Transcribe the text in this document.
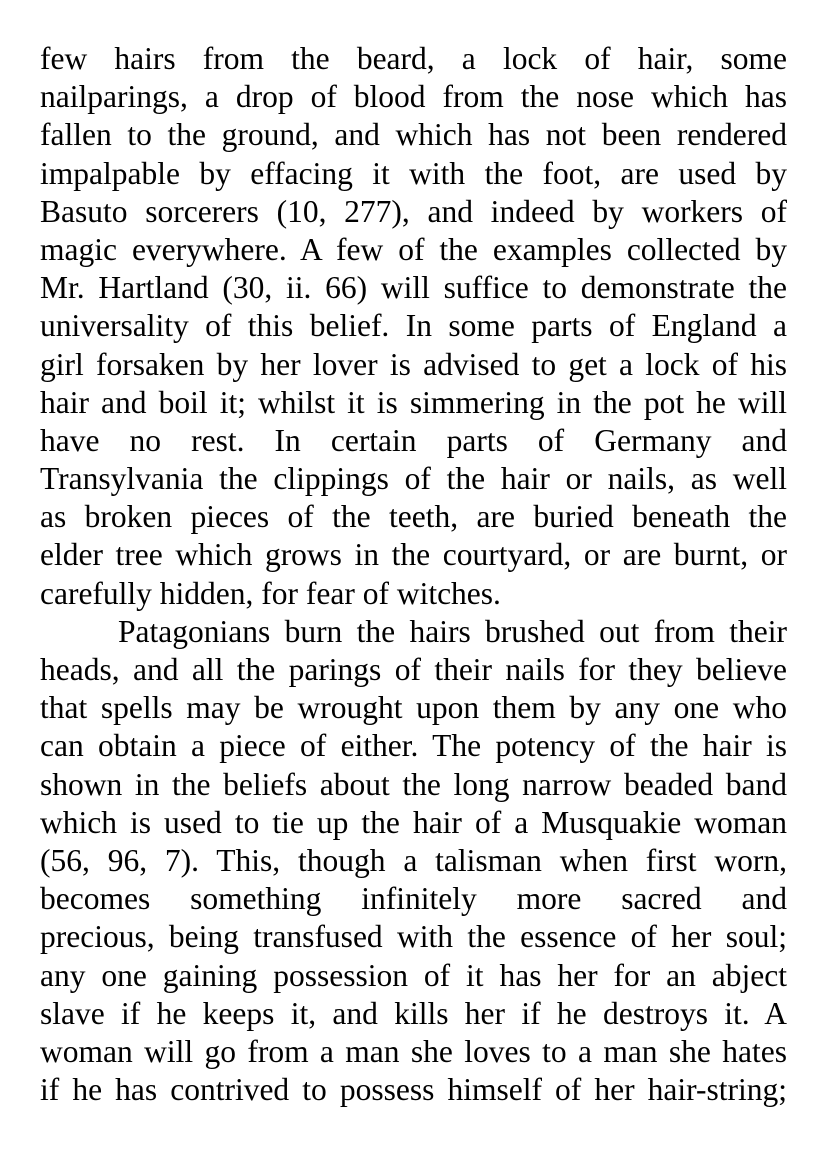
few hairs from the beard, a lock of hair, some
nailparings, a drop of blood from the nose which has
fallen to the ground, and which has not been rendered
impalpable by effacing it with the foot, are used by
Basuto sorcerers (10, 277), and indeed by workers of
magic everywhere. A few of the examples collected by
Mr. Hartland (30, ii. 66) will suffice to demonstrate the
universality of this belief. In some parts of England a
girl forsaken by her lover is advised to get a lock of his
hair and boil it; whilst it is simmering in the pot he will
have no rest. In certain parts of Germany and
Transylvania the clippings of the hair or nails, as well
as broken pieces of the teeth, are buried beneath the
elder tree which grows in the courtyard, or are burnt, or
carefully hidden, for fear of witches.
Patagonians burn the hairs brushed out from their
heads, and all the parings of their nails for they believe
that spells may be wrought upon them by any one who
can obtain a piece of either. The potency of the hair is
shown in the beliefs about the long narrow beaded band
which is used to tie up the hair of a Musquakie woman
(56, 96, 7). This, though a talisman when first worn,
becomes something infinitely more sacred and
precious, being transfused with the essence of her soul;
any one gaining possession of it has her for an abject
slave if he keeps it, and kills her if he destroys it. A
woman will go from a man she loves to a man she hates
if he has contrived to possess himself of her hair-string;
